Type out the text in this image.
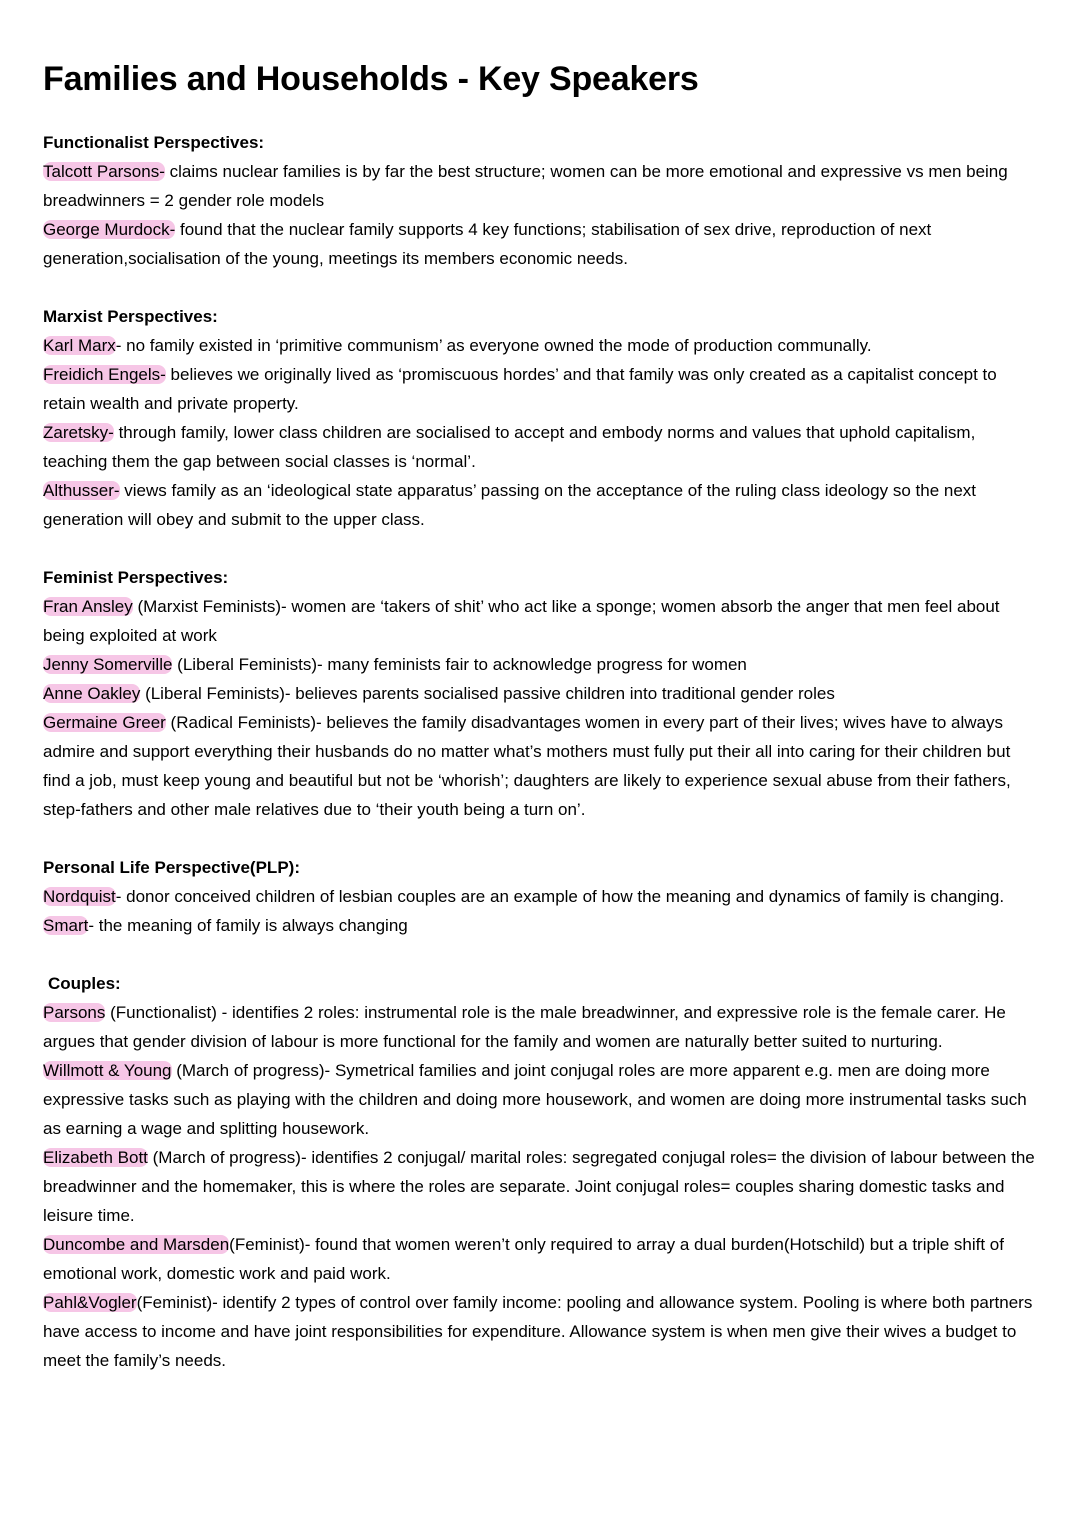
Families and Households - Key Speakers

Functionalist Perspectives:

Talcott Parsons- claims nuclear families is by far the best structure; women can be more emotional and expressive vs men being breadwinners = 2 gender role models

George Murdock- found that the nuclear family supports 4 key functions; stabilisation of sex drive, reproduction of next generation,socialisation of the young, meetings its members economic needs.

Marxist Perspectives:

Karl Marx- no family existed in ‘primitive communism’ as everyone owned the mode of production communally.

Freidich Engels- believes we originally lived as ‘promiscuous hordes’ and that family was only created as a capitalist concept to retain wealth and private property.

Zaretsky- through family, lower class children are socialised to accept and embody norms and values that uphold capitalism, teaching them the gap between social classes is ‘normal’.

Althusser- views family as an ‘ideological state apparatus’ passing on the acceptance of the ruling class ideology so the next generation will obey and submit to the upper class.

Feminist Perspectives:

Fran Ansley (Marxist Feminists)- women are ‘takers of shit’ who act like a sponge; women absorb the anger that men feel about being exploited at work

Jenny Somerville (Liberal Feminists)- many feminists fair to acknowledge progress for women

Anne Oakley (Liberal Feminists)- believes parents socialised passive children into traditional gender roles

Germaine Greer (Radical Feminists)- believes the family disadvantages women in every part of their lives; wives have to always admire and support everything their husbands do no matter what’s mothers must fully put their all into caring for their children but find a job, must keep young and beautiful but not be ‘whorish’; daughters are likely to experience sexual abuse from their fathers, step-fathers and other male relatives due to ‘their youth being a turn on’.

Personal Life Perspective(PLP):

Nordquist- donor conceived children of lesbian couples are an example of how the meaning and dynamics of family is changing.

Smart- the meaning of family is always changing

Couples:

Parsons (Functionalist) - identifies 2 roles: instrumental role is the male breadwinner, and expressive role is the female carer. He argues that gender division of labour is more functional for the family and women are naturally better suited to nurturing.

Willmott & Young (March of progress)- Symetrical families and joint conjugal roles are more apparent e.g. men are doing more expressive tasks such as playing with the children and doing more housework, and women are doing more instrumental tasks such as earning a wage and splitting housework.

Elizabeth Bott (March of progress)- identifies 2 conjugal/ marital roles: segregated conjugal roles= the division of labour between the breadwinner and the homemaker, this is where the roles are separate. Joint conjugal roles= couples sharing domestic tasks and leisure time.

Duncombe and Marsden(Feminist)- found that women weren’t only required to array a dual burden(Hotschild) but a triple shift of emotional work, domestic work and paid work.

Pahl&Vogler(Feminist)- identify 2 types of control over family income: pooling and allowance system. Pooling is where both partners have access to income and have joint responsibilities for expenditure. Allowance system is when men give their wives a budget to meet the family’s needs.
